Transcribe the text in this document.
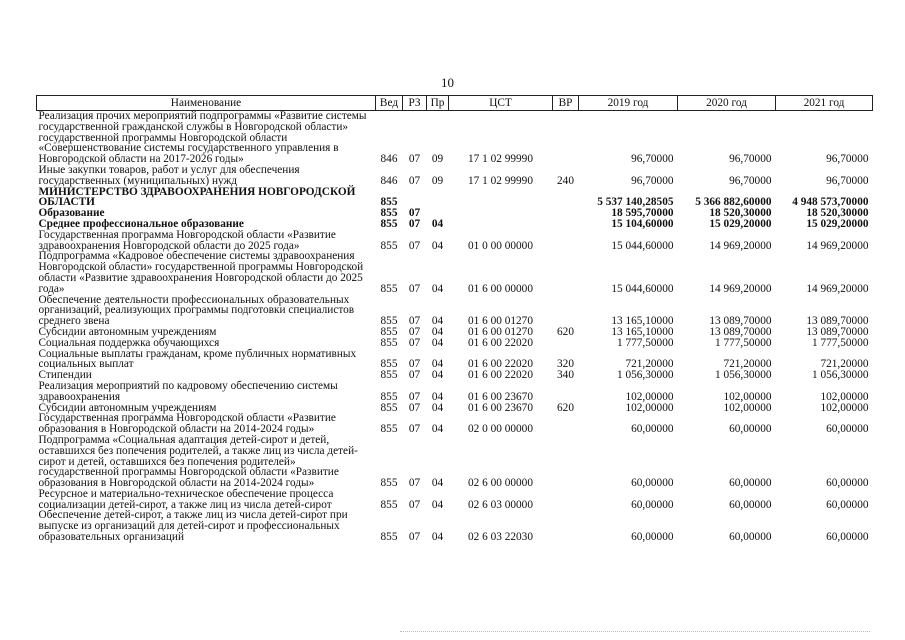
10
Наименование	Вед	РЗ	Пр	ЦСТ	ВР	2019 год	2020 год	2021 год
Реализация прочих мероприятий подпрограммы «Развитие системы государственной гражданской службы в Новгородской области» государственной программы Новгородской области «Совершенствование системы государственного управления в Новгородской области на 2017-2026 годы»	846	07	09	17 1 02 99990		96,70000	96,70000	96,70000
Иные закупки товаров, работ и услуг для обеспечения государственных (муниципальных) нужд	846	07	09	17 1 02 99990	240	96,70000	96,70000	96,70000
МИНИСТЕРСТВО ЗДРАВООХРАНЕНИЯ НОВГОРОДСКОЙ ОБЛАСТИ	855					5 537 140,28505	5 366 882,60000	4 948 573,70000
Образование	855	07				18 595,70000	18 520,30000	18 520,30000
Среднее профессиональное образование	855	07	04			15 104,60000	15 029,20000	15 029,20000
Государственная программа Новгородской области «Развитие здравоохранения Новгородской области до 2025 года»	855	07	04	01 0 00 00000		15 044,60000	14 969,20000	14 969,20000
Подпрограмма «Кадровое обеспечение системы здравоохранения Новгородской области» государственной программы Новгородской области «Развитие здравоохранения Новгородской области до 2025 года»	855	07	04	01 6 00 00000		15 044,60000	14 969,20000	14 969,20000
Обеспечение деятельности профессиональных образовательных организаций, реализующих программы подготовки специалистов среднего звена	855	07	04	01 6 00 01270		13 165,10000	13 089,70000	13 089,70000
Субсидии автономным учреждениям	855	07	04	01 6 00 01270	620	13 165,10000	13 089,70000	13 089,70000
Социальная поддержка обучающихся	855	07	04	01 6 00 22020		1 777,50000	1 777,50000	1 777,50000
Социальные выплаты гражданам, кроме публичных нормативных социальных выплат	855	07	04	01 6 00 22020	320	721,20000	721,20000	721,20000
Стипендии	855	07	04	01 6 00 22020	340	1 056,30000	1 056,30000	1 056,30000
Реализация мероприятий по кадровому обеспечению системы здравоохранения	855	07	04	01 6 00 23670		102,00000	102,00000	102,00000
Субсидии автономным учреждениям	855	07	04	01 6 00 23670	620	102,00000	102,00000	102,00000
Государственная программа Новгородской области «Развитие образования в Новгородской области на 2014-2024 годы»	855	07	04	02 0 00 00000		60,00000	60,00000	60,00000
Подпрограмма «Социальная адаптация детей-сирот и детей, оставшихся без попечения родителей, а также лиц из числа детей-сирот и детей, оставшихся без попечения родителей» государственной программы Новгородской области «Развитие образования в Новгородской области на 2014-2024 годы»	855	07	04	02 6 00 00000		60,00000	60,00000	60,00000
Ресурсное и материально-техническое обеспечение процесса социализации детей-сирот, а также лиц из числа детей-сирот	855	07	04	02 6 03 00000		60,00000	60,00000	60,00000
Обеспечение детей-сирот, а также лиц из числа детей-сирот при выпуске из организаций для детей-сирот и профессиональных образовательных организаций	855	07	04	02 6 03 22030		60,00000	60,00000	60,00000
